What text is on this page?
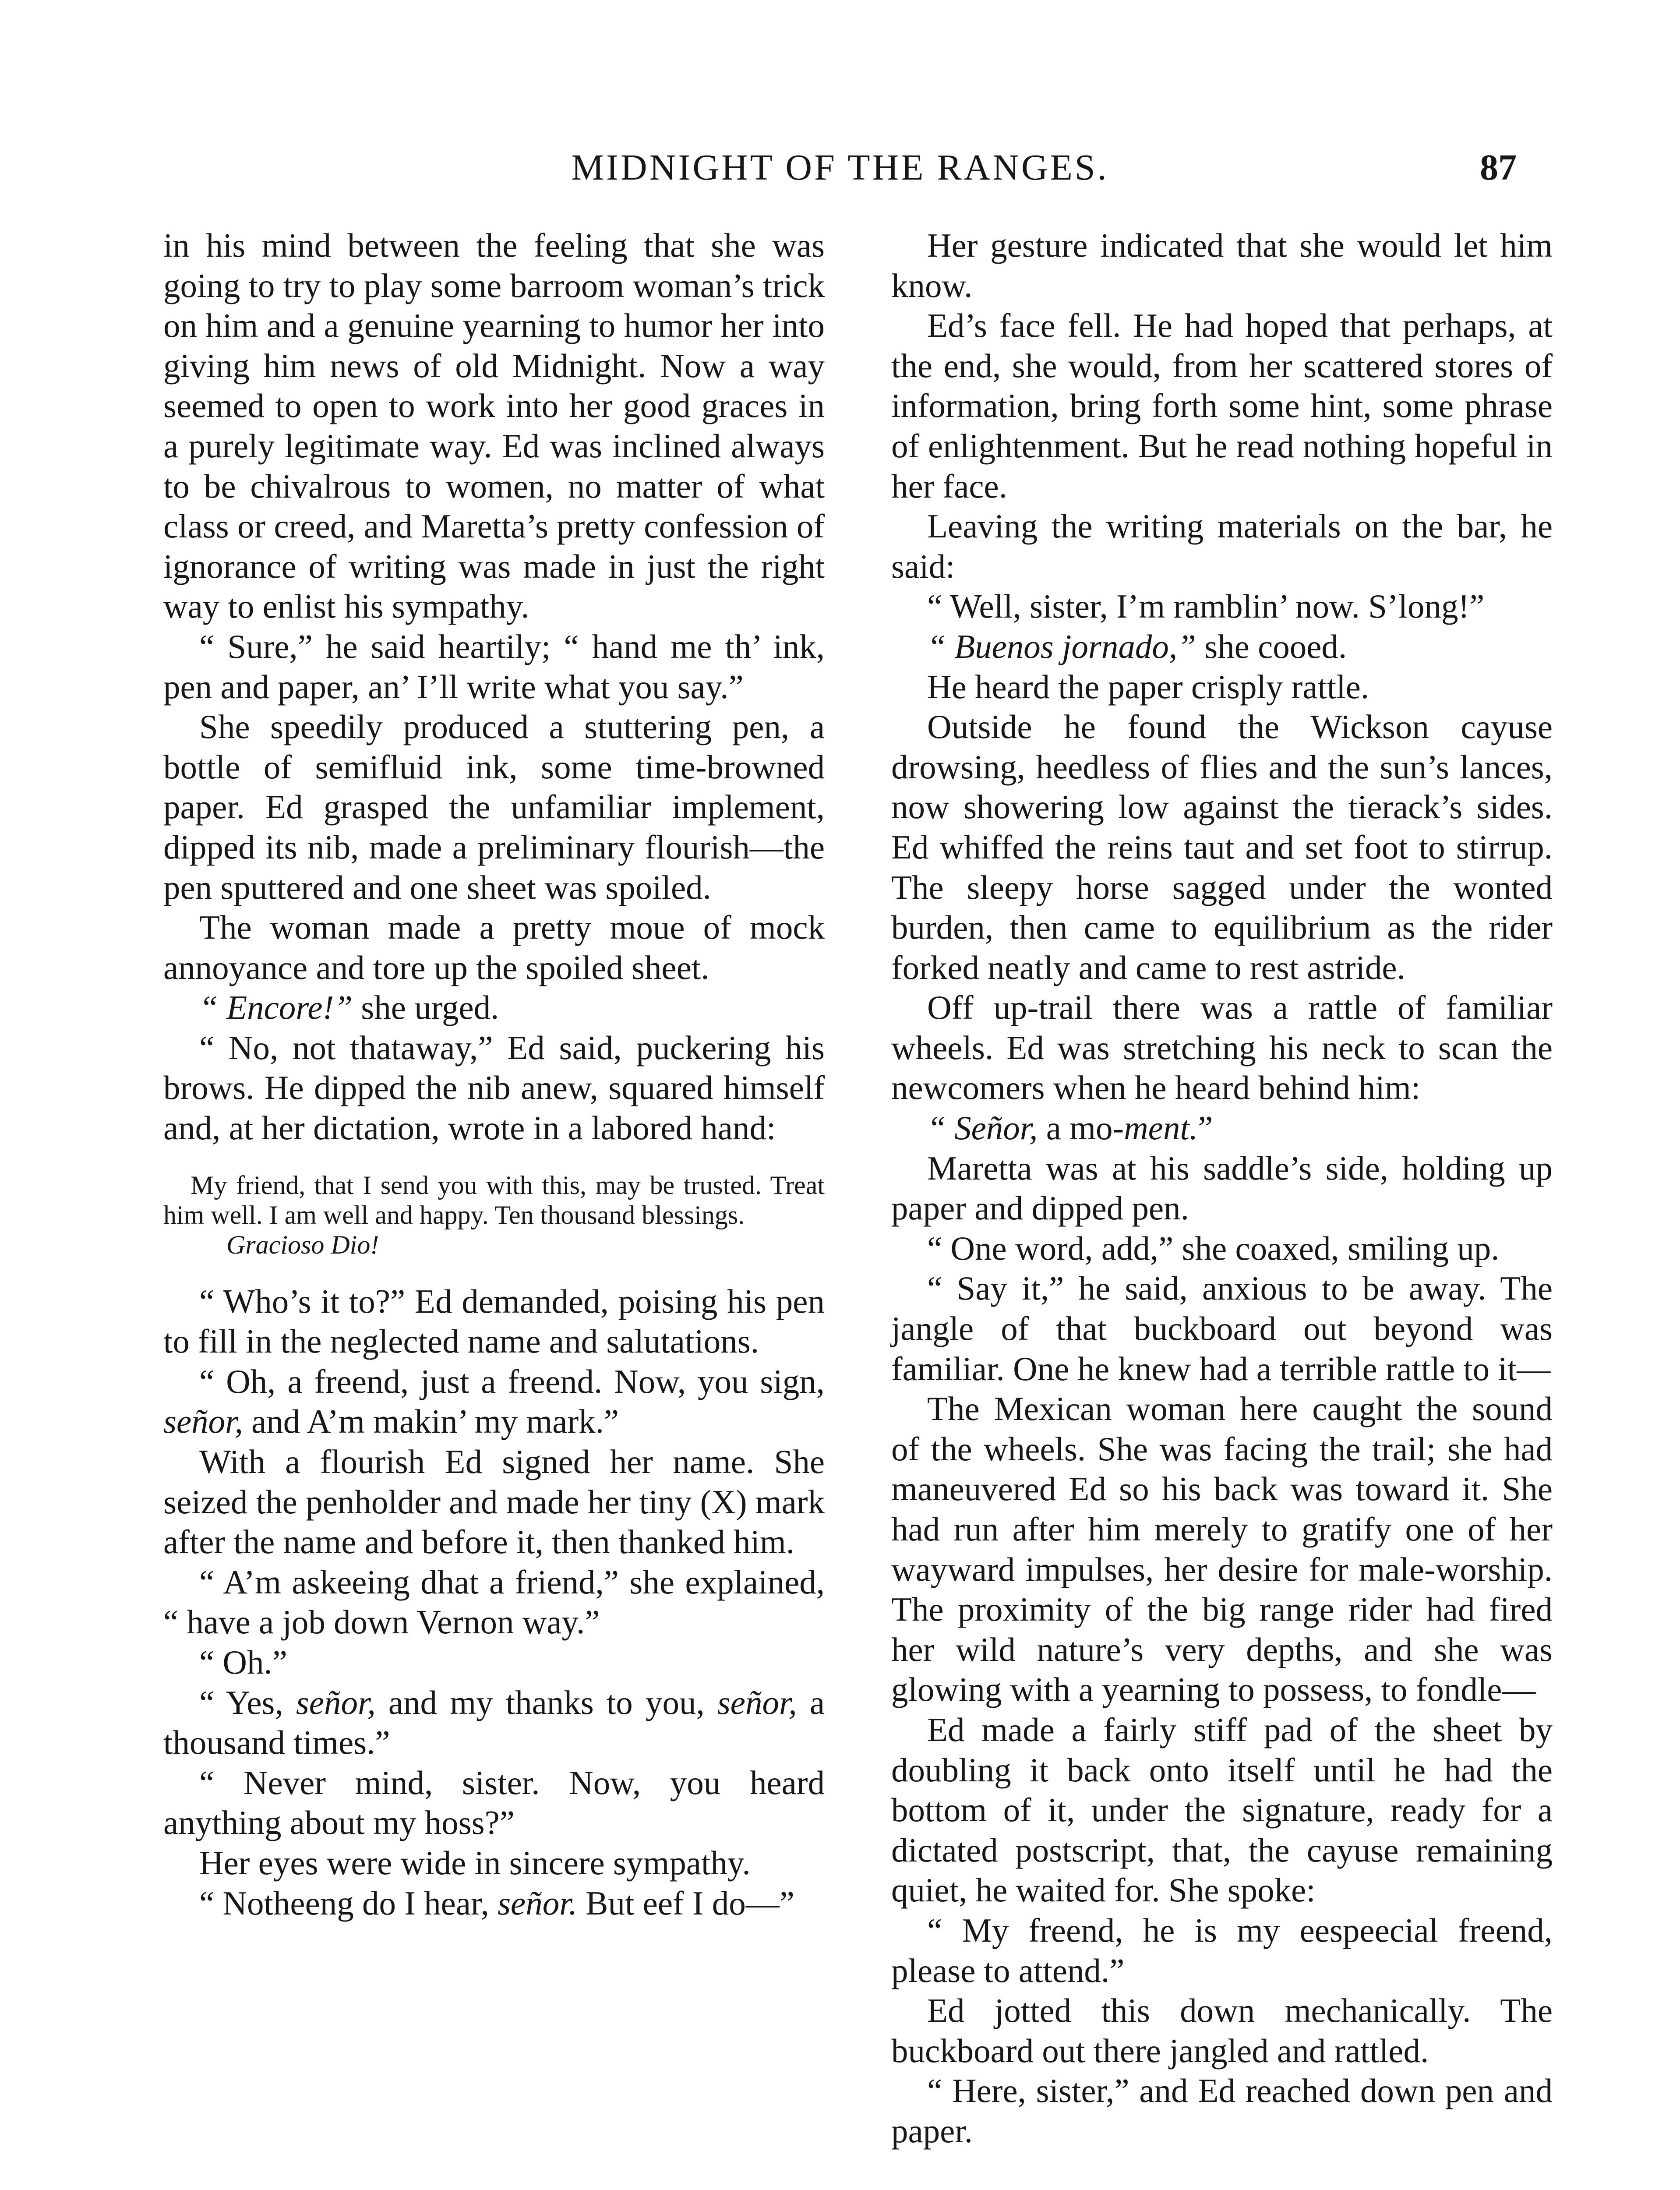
MIDNIGHT OF THE RANGES.	87

in his mind between the feeling that she was going to try to play some barroom woman’s trick on him and a genuine yearning to humor her into giving him news of old Midnight. Now a way seemed to open to work into her good graces in a purely legitimate way. Ed was inclined always to be chivalrous to women, no matter of what class or creed, and Maretta’s pretty confession of ignorance of writing was made in just the right way to enlist his sympathy.

“ Sure,” he said heartily; “ hand me th’ ink, pen and paper, an’ I’ll write what you say.”

She speedily produced a stuttering pen, a bottle of semifluid ink, some time-browned paper. Ed grasped the unfamiliar implement, dipped its nib, made a preliminary flourish—the pen sputtered and one sheet was spoiled.

The woman made a pretty moue of mock annoyance and tore up the spoiled sheet.

“ Encore!” she urged.

“ No, not thataway,” Ed said, puckering his brows. He dipped the nib anew, squared himself and, at her dictation, wrote in a labored hand:

My friend, that I send you with this, may be trusted. Treat him well. I am well and happy. Ten thousand blessings.

Gracioso Dio!

“ Who’s it to?” Ed demanded, poising his pen to fill in the neglected name and salutations.

“ Oh, a freend, just a freend. Now, you sign, señor, and A’m makin’ my mark.”

With a flourish Ed signed her name. She seized the penholder and made her tiny (X) mark after the name and before it, then thanked him.

“ A’m askeeing dhat a friend,” she explained, “ have a job down Vernon way.”

“ Oh.”

“ Yes, señor, and my thanks to you, señor, a thousand times.”

“ Never mind, sister. Now, you heard anything about my hoss?”

Her eyes were wide in sincere sympathy.

“ Notheeng do I hear, señor. But eef I do—”

Her gesture indicated that she would let him know.

Ed’s face fell. He had hoped that perhaps, at the end, she would, from her scattered stores of information, bring forth some hint, some phrase of enlightenment. But he read nothing hopeful in her face.

Leaving the writing materials on the bar, he said:

“ Well, sister, I’m ramblin’ now. S’long!”

“ Buenos jornado,” she cooed.

He heard the paper crisply rattle.

Outside he found the Wickson cayuse drowsing, heedless of flies and the sun’s lances, now showering low against the tierack’s sides. Ed whiffed the reins taut and set foot to stirrup. The sleepy horse sagged under the wonted burden, then came to equilibrium as the rider forked neatly and came to rest astride.

Off up-trail there was a rattle of familiar wheels. Ed was stretching his neck to scan the newcomers when he heard behind him:

“ Señor, a mo-ment.”

Maretta was at his saddle’s side, holding up paper and dipped pen.

“ One word, add,” she coaxed, smiling up.

“ Say it,” he said, anxious to be away. The jangle of that buckboard out beyond was familiar. One he knew had a terrible rattle to it—

The Mexican woman here caught the sound of the wheels. She was facing the trail; she had maneuvered Ed so his back was toward it. She had run after him merely to gratify one of her wayward impulses, her desire for male-worship. The proximity of the big range rider had fired her wild nature’s very depths, and she was glowing with a yearning to possess, to fondle—

Ed made a fairly stiff pad of the sheet by doubling it back onto itself until he had the bottom of it, under the signature, ready for a dictated postscript, that, the cayuse remaining quiet, he waited for. She spoke:

“ My freend, he is my eespeecial freend, please to attend.”

Ed jotted this down mechanically. The buckboard out there jangled and rattled.

“ Here, sister,” and Ed reached down pen and paper.
